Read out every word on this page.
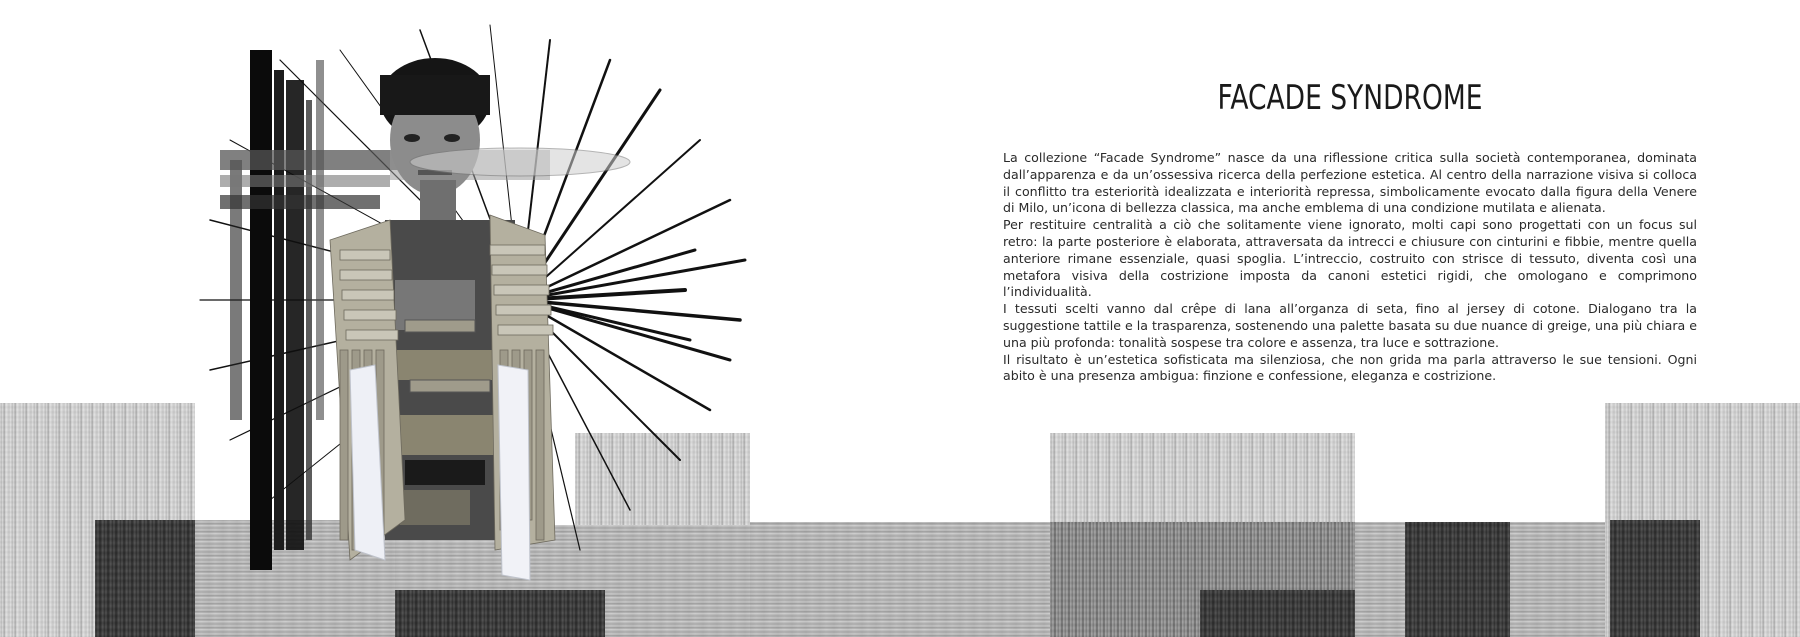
FACADE SYNDROME

La collezione “Facade Syndrome” nasce da una riflessione critica sulla società contemporanea, dominata dall’apparenza e da un’ossessiva ricerca della perfezione estetica. Al centro della narrazione visiva si colloca il conflitto tra esteriorità idealizzata e interiorità repressa, simbolicamente evocato dalla figura della Venere di Milo, un’icona di bellezza classica, ma anche emblema di una condizione mutilata e alienata.

Per restituire centralità a ciò che solitamente viene ignorato, molti capi sono progettati con un focus sul retro: la parte posteriore è elaborata, attraversata da intrecci e chiusure con cinturini e fibbie, mentre quella anteriore rimane essenziale, quasi spoglia. L’intreccio, costruito con strisce di tessuto, diventa così una metafora visiva della costrizione imposta da canoni estetici rigidi, che omologano e comprimono l’individualità.

I tessuti scelti vanno dal crêpe di lana all’organza di seta, fino al jersey di cotone. Dialogano tra la suggestione tattile e la trasparenza, sostenendo una palette basata su due nuance di greige, una più chiara e una più profonda: tonalità sospese tra colore e assenza, tra luce e sottrazione.

Il risultato è un’estetica sofisticata ma silenziosa, che non grida ma parla attraverso le sue tensioni. Ogni abito è una presenza ambigua: finzione e confessione, eleganza e costrizione.
